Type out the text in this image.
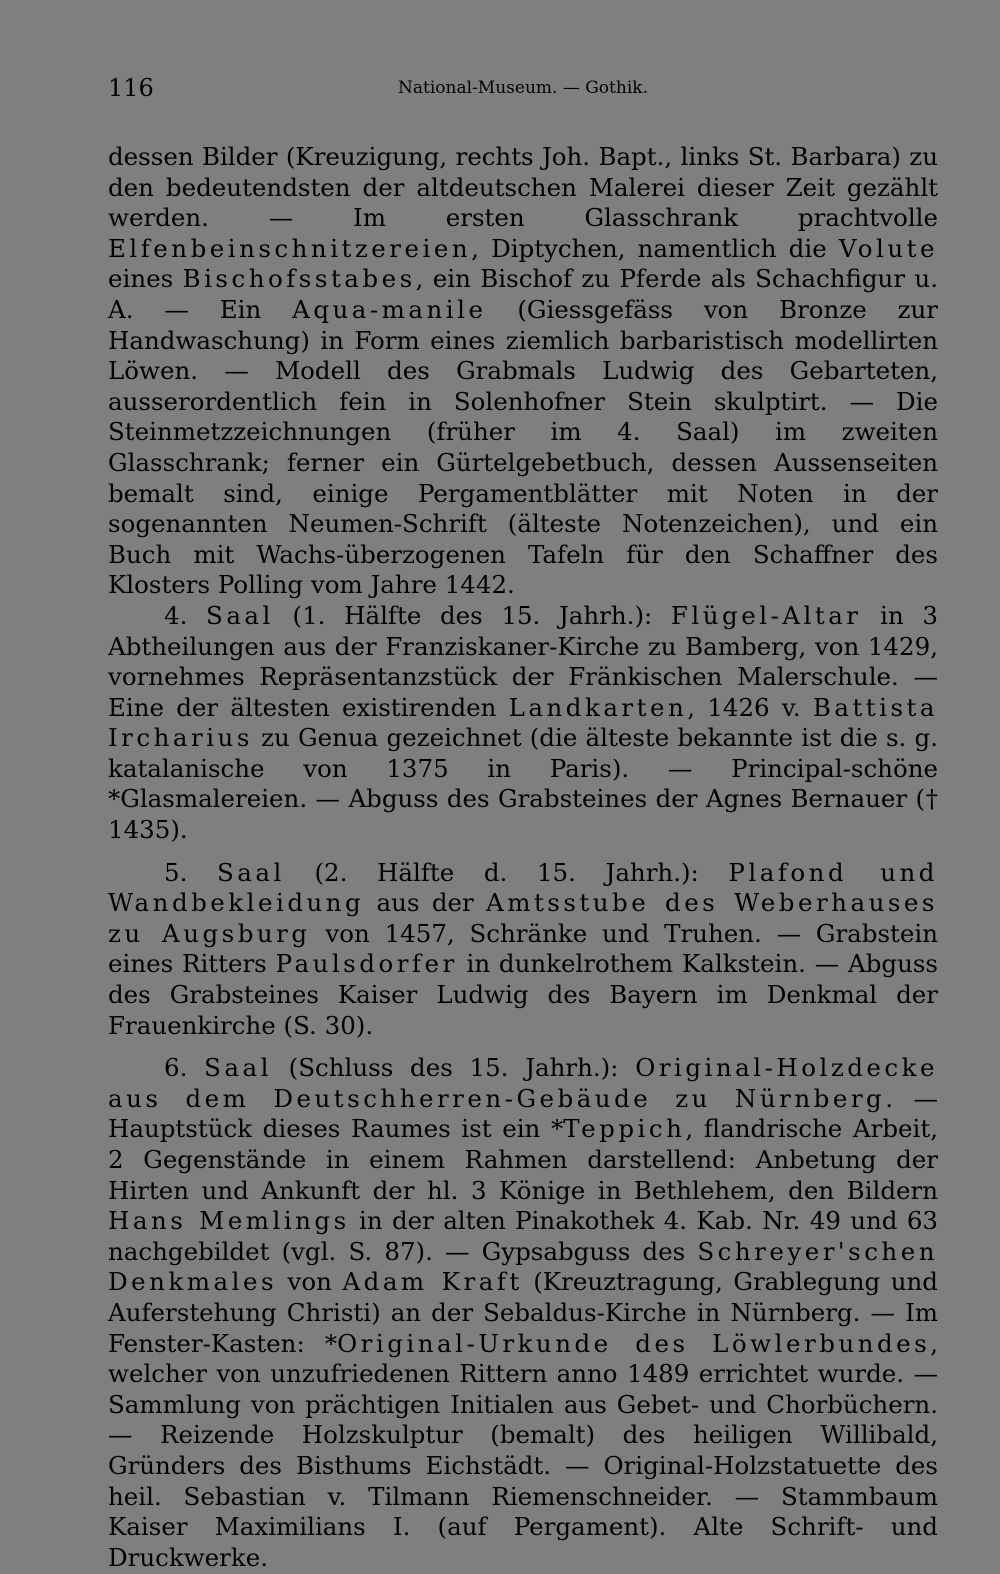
116	National-Museum. — Gothik.

dessen Bilder (Kreuzigung, rechts Joh. Bapt., links St. Barbara) zu den bedeutendsten der altdeutschen Malerei dieser Zeit gezählt werden. — Im ersten Glasschrank prachtvolle Elfenbeinschnitzereien, Diptychen, namentlich die Volute eines Bischofsstabes, ein Bischof zu Pferde als Schachfigur u. A. — Ein Aqua-manile (Giessgefäss von Bronze zur Handwaschung) in Form eines ziemlich barbaristisch modellirten Löwen. — Modell des Grabmals Ludwig des Gebarteten, ausserordentlich fein in Solenhofner Stein skulptirt. — Die Steinmetzzeichnungen (früher im 4. Saal) im zweiten Glasschrank; ferner ein Gürtelgebetbuch, dessen Aussenseiten bemalt sind, einige Pergamentblätter mit Noten in der sogenannten Neumen-Schrift (älteste Notenzeichen), und ein Buch mit Wachs-überzogenen Tafeln für den Schaffner des Klosters Polling vom Jahre 1442.

4. Saal (1. Hälfte des 15. Jahrh.): Flügel-Altar in 3 Abtheilungen aus der Franziskaner-Kirche zu Bamberg, von 1429, vornehmes Repräsentanzstück der Fränkischen Malerschule. — Eine der ältesten existirenden Landkarten, 1426 v. Battista Ircharius zu Genua gezeichnet (die älteste bekannte ist die s. g. katalanische von 1375 in Paris). — Principal-schöne *Glasmalereien. — Abguss des Grabsteines der Agnes Bernauer († 1435).

5. Saal (2. Hälfte d. 15. Jahrh.): Plafond und Wandbekleidung aus der Amtsstube des Weberhauses zu Augsburg von 1457, Schränke und Truhen. — Grabstein eines Ritters Paulsdorfer in dunkelrothem Kalkstein. — Abguss des Grabsteines Kaiser Ludwig des Bayern im Denkmal der Frauenkirche (S. 30).

6. Saal (Schluss des 15. Jahrh.): Original-Holzdecke aus dem Deutschherren-Gebäude zu Nürnberg. — Hauptstück dieses Raumes ist ein *Teppich, flandrische Arbeit, 2 Gegenstände in einem Rahmen darstellend: Anbetung der Hirten und Ankunft der hl. 3 Könige in Bethlehem, den Bildern Hans Memlings in der alten Pinakothek 4. Kab. Nr. 49 und 63 nachgebildet (vgl. S. 87). — Gypsabguss des Schreyer'schen Denkmales von Adam Kraft (Kreuztragung, Grablegung und Auferstehung Christi) an der Sebaldus-Kirche in Nürnberg. — Im Fenster-Kasten: *Original-Urkunde des Löwlerbundes, welcher von unzufriedenen Rittern anno 1489 errichtet wurde. — Sammlung von prächtigen Initialen aus Gebet- und Chorbüchern. — Reizende Holzskulptur (bemalt) des heiligen Willibald, Gründers des Bisthums Eichstädt. — Original-Holzstatuette des heil. Sebastian v. Tilmann Riemenschneider. — Stammbaum Kaiser Maximilians I. (auf Pergament). Alte Schrift- und Druckwerke.
